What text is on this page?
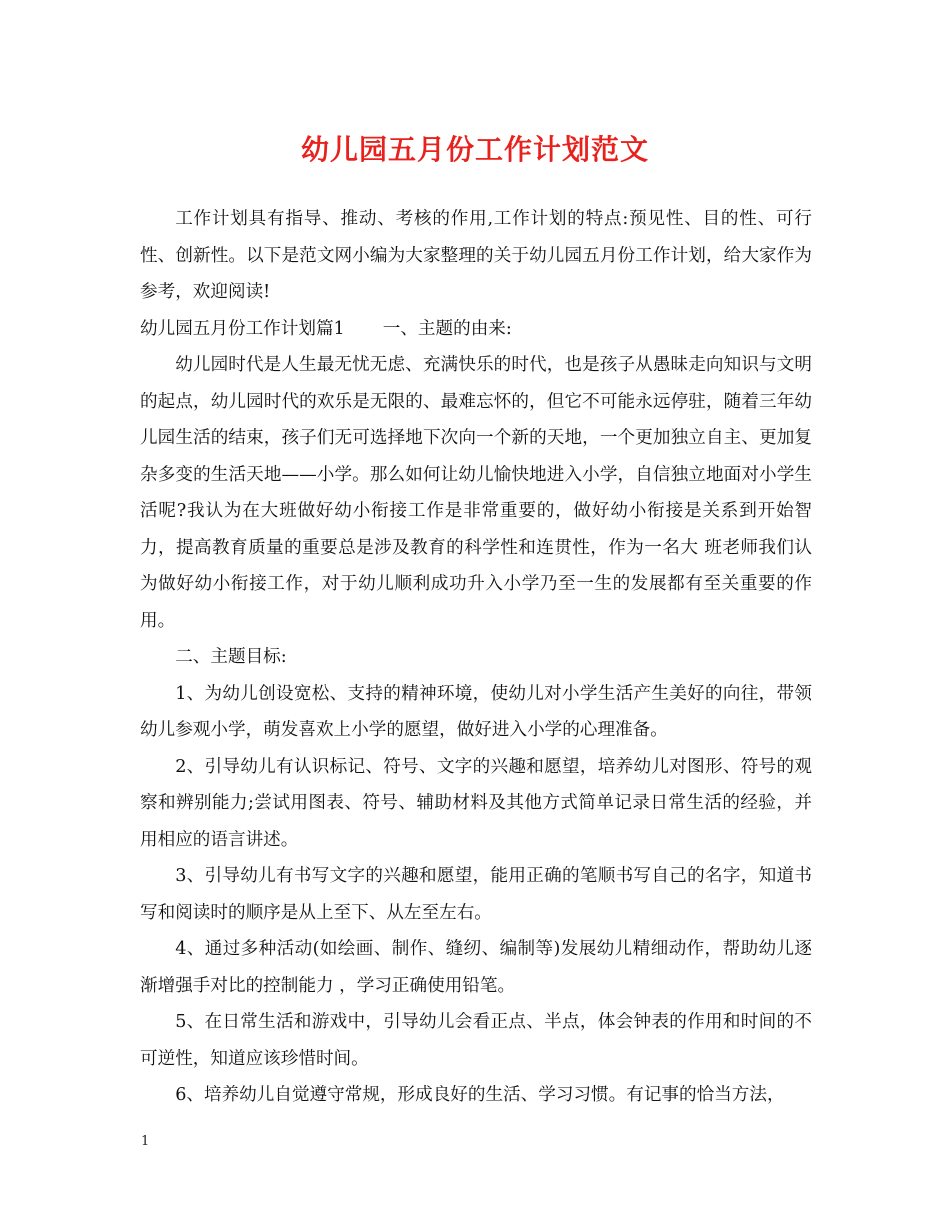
幼儿园五月份工作计划范文

工作计划具有指导、推动、考核的作用,工作计划的特点:预见性、目的性、可行性、创新性。以下是范文网小编为大家整理的关于幼儿园五月份工作计划，给大家作为参考，欢迎阅读!

幼儿园五月份工作计划篇1 一、主题的由来:

幼儿园时代是人生最无忧无虑、充满快乐的时代，也是孩子从愚昧走向知识与文明的起点，幼儿园时代的欢乐是无限的、最难忘怀的，但它不可能永远停驻，随着三年幼儿园生活的结束，孩子们无可选择地下次向一个新的天地，一个更加独立自主、更加复杂多变的生活天地——小学。那么如何让幼儿愉快地进入小学，自信独立地面对小学生活呢?我认为在大班做好幼小衔接工作是非常重要的，做好幼小衔接是关系到开始智力，提高教育质量的重要总是涉及教育的科学性和连贯性，作为一名大 班老师我们认为做好幼小衔接工作，对于幼儿顺利成功升入小学乃至一生的发展都有至关重要的作用。

二、主题目标:

1、为幼儿创设宽松、支持的精神环境，使幼儿对小学生活产生美好的向往，带领幼儿参观小学，萌发喜欢上小学的愿望，做好进入小学的心理准备。

2、引导幼儿有认识标记、符号、文字的兴趣和愿望，培养幼儿对图形、符号的观察和辨别能力;尝试用图表、符号、辅助材料及其他方式简单记录日常生活的经验，并用相应的语言讲述。

3、引导幼儿有书写文字的兴趣和愿望，能用正确的笔顺书写自己的名字，知道书写和阅读时的顺序是从上至下、从左至左右。

4、通过多种活动(如绘画、制作、缝纫、编制等)发展幼儿精细动作，帮助幼儿逐渐增强手对比的控制能力 ，学习正确使用铅笔。

5、在日常生活和游戏中，引导幼儿会看正点、半点，体会钟表的作用和时间的不可逆性，知道应该珍惜时间。

6、培养幼儿自觉遵守常规，形成良好的生活、学习习惯。有记事的恰当方法，

1
